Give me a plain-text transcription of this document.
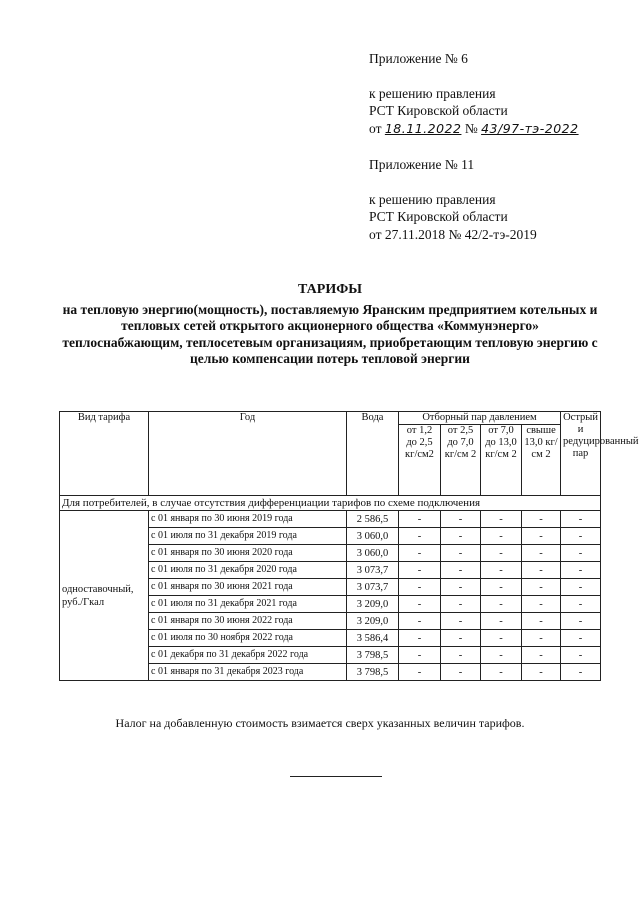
Приложение № 6
к решению правления
РСТ Кировской области
от 18.11.2022 № 43/97-тэ-2022
Приложение № 11
к решению правления
РСТ Кировской области
от 27.11.2018 № 42/2-тэ-2019
ТАРИФЫ
на тепловую энергию(мощность), поставляемую Яранским предприятием котельных и тепловых сетей открытого акционерного общества «Коммунэнерго» теплоснабжающим, теплосетевым организациям, приобретающим тепловую энергию с целью компенсации потерь тепловой энергии
Вид тарифа	Год	Вода	Отборный пар давлением				Острый и редуцированный пар
			от 1,2 до 2,5 кг/см2	от 2,5 до 7,0 кг/см 2	от 7,0 до 13,0 кг/см 2	свыше 13,0 кг/см 2	
Для потребителей, в случае отсутствия дифференциации тарифов по схеме подключения							
одноставочный, руб./Гкал	с 01 января по 30 июня 2019 года	2 586,5	-	-	-	-	-
	с 01 июля по 31 декабря 2019 года	3 060,0	-	-	-	-	-
	с 01 января по 30 июня 2020 года	3 060,0	-	-	-	-	-
	с 01 июля по 31 декабря 2020 года	3 073,7	-	-	-	-	-
	с 01 января по 30 июня 2021 года	3 073,7	-	-	-	-	-
	с 01 июля по 31 декабря 2021 года	3 209,0	-	-	-	-	-
	с 01 января по 30 июня 2022 года	3 209,0	-	-	-	-	-
	с 01 июля по 30 ноября 2022 года	3 586,4	-	-	-	-	-
	с 01 декабря по 31 декабря 2022 года	3 798,5	-	-	-	-	-
	с 01 января по 31 декабря 2023 года	3 798,5	-	-	-	-	-
Налог на добавленную стоимость взимается сверх указанных величин тарифов.
